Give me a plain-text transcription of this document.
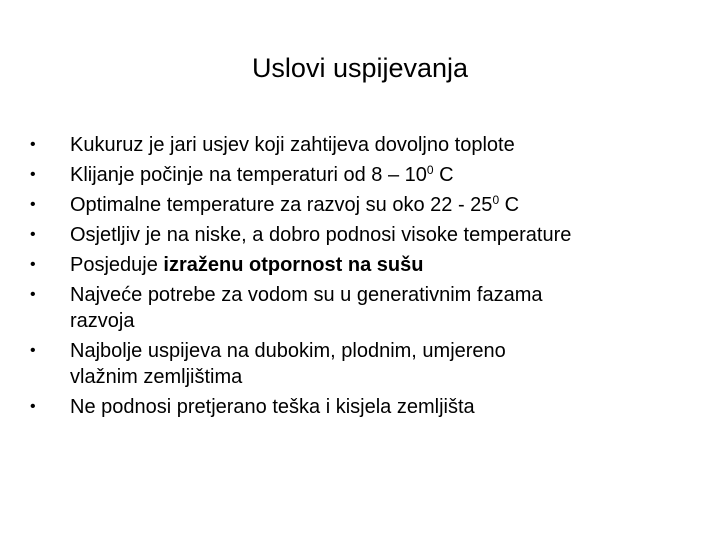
Uslovi uspijevanja
•	Kukuruz je jari usjev koji zahtijeva dovoljno toplote
•	Klijanje počinje na temperaturi od $8 - 10^0$ C
•	Optimalne temperature za razvoj su oko $22 - 25^0$ C
•	Osjetljiv je na niske, a dobro podnosi visoke temperature
•	Posjeduje izraženu otpornost na sušu
•	Najveće potrebe za vodom su u generativnim fazama
razvoja
•	Najbolje uspijeva na dubokim, plodnim, umjereno
vlažnim zemljištima
•	Ne podnosi pretjerano teška i kisjela zemljišta
